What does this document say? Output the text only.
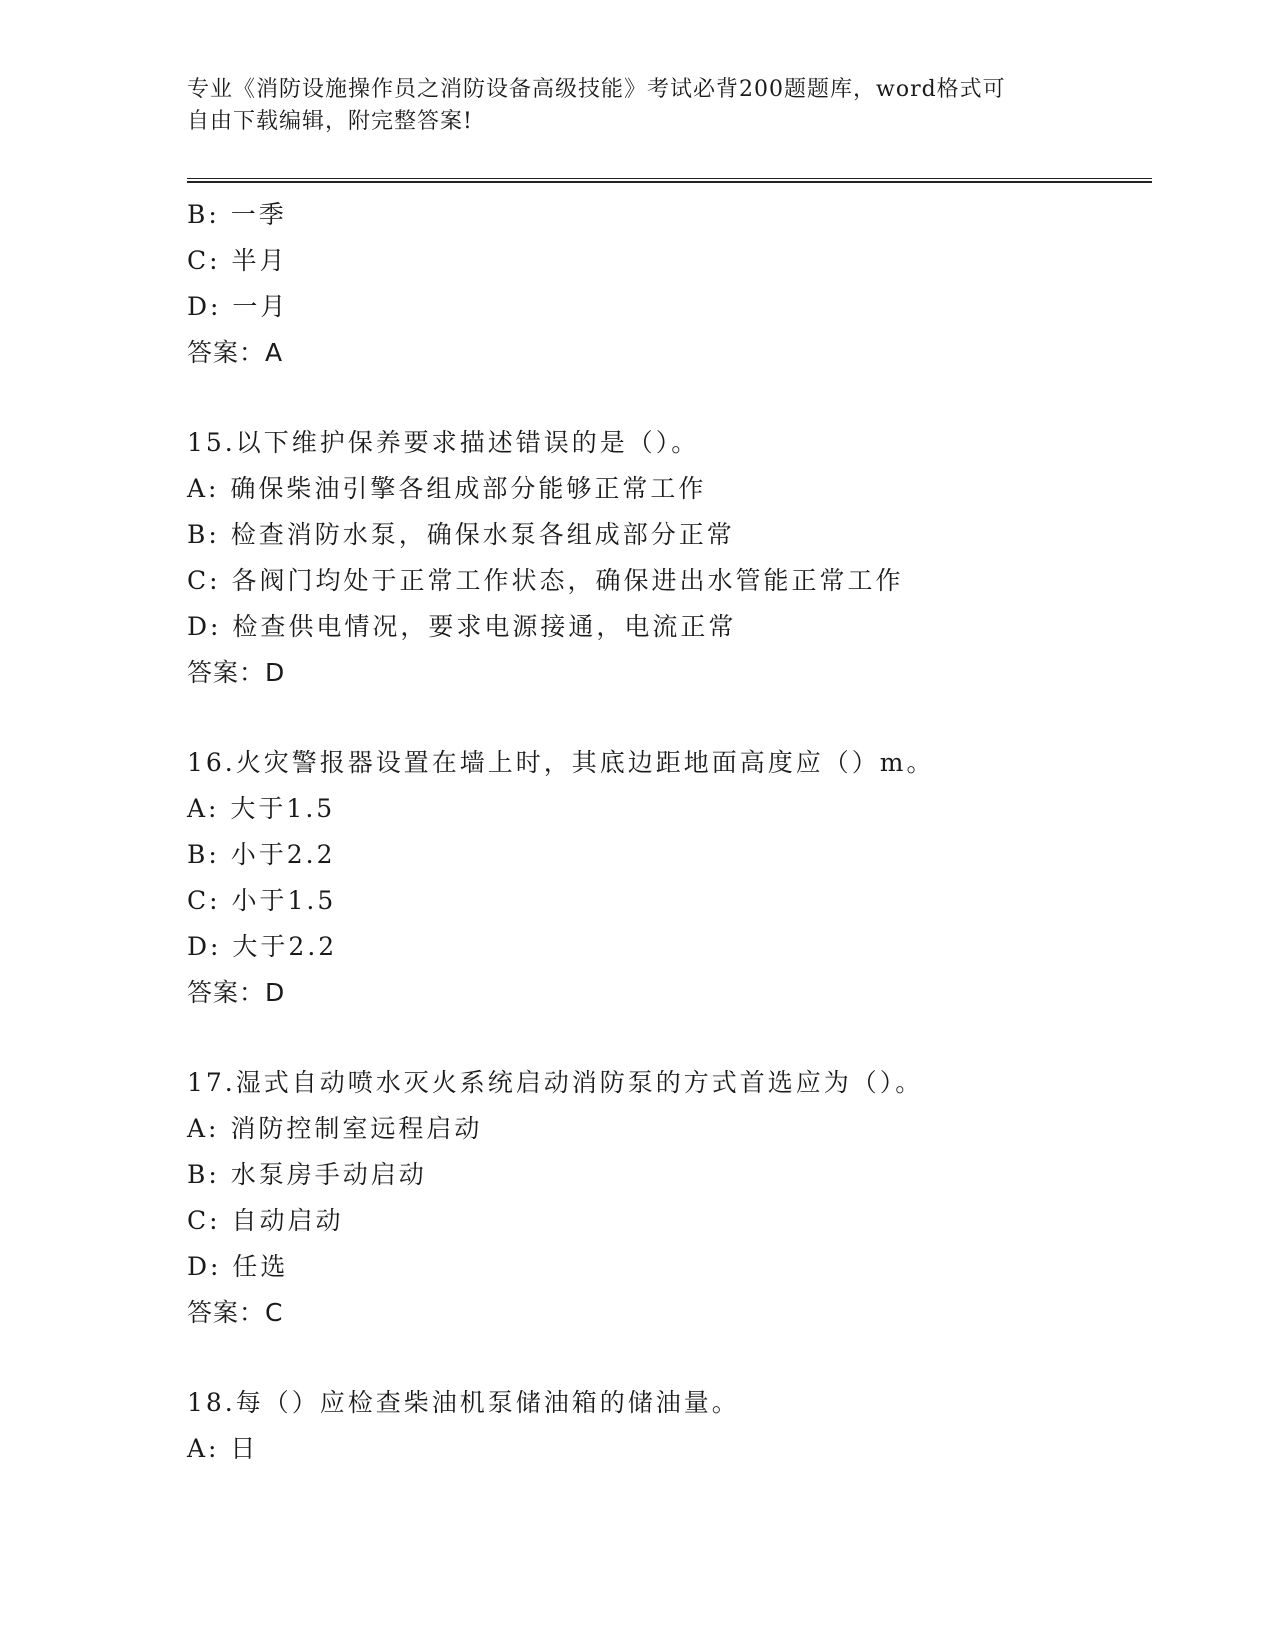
专业《消防设施操作员之消防设备高级技能》考试必背200题题库，word格式可
自由下载编辑，附完整答案!
B: 一季
C: 半月
D: 一月
答案：A
15.以下维护保养要求描述错误的是（）。
A: 确保柴油引擎各组成部分能够正常工作
B: 检查消防水泵，确保水泵各组成部分正常
C: 各阀门均处于正常工作状态，确保进出水管能正常工作
D: 检查供电情况，要求电源接通，电流正常
答案：D
16.火灾警报器设置在墙上时，其底边距地面高度应（）m。
A: 大于1.5
B: 小于2.2
C: 小于1.5
D: 大于2.2
答案：D
17.湿式自动喷水灭火系统启动消防泵的方式首选应为（）。
A: 消防控制室远程启动
B: 水泵房手动启动
C: 自动启动
D: 任选
答案：C
18.每（）应检查柴油机泵储油箱的储油量。
A: 日
